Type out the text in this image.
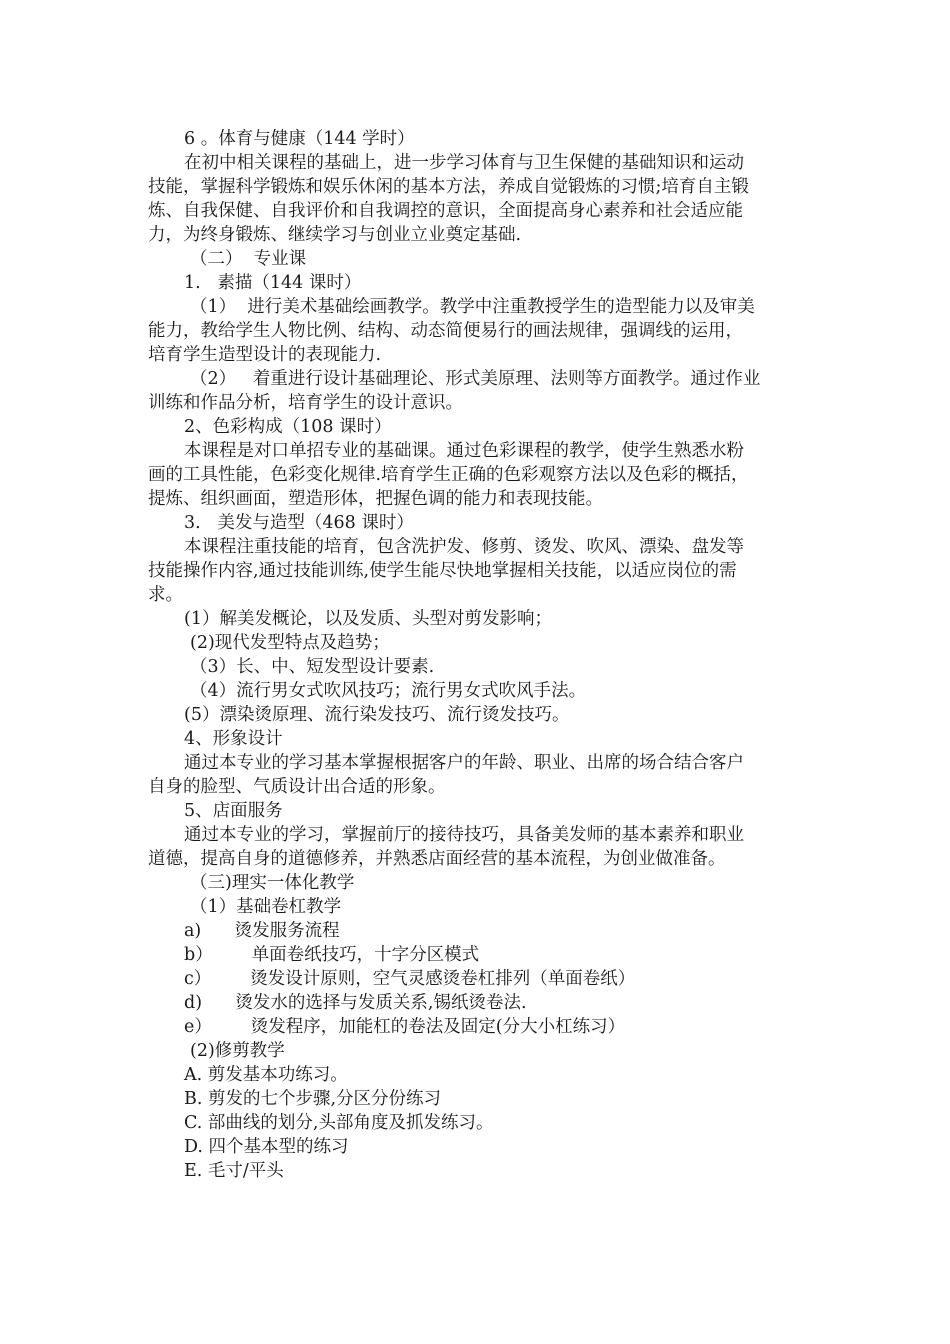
6 。体育与健康（144 学时）
在初中相关课程的基础上，进一步学习体育与卫生保健的基础知识和运动
技能，掌握科学锻炼和娱乐休闲的基本方法，养成自觉锻炼的习惯;培育自主锻
炼、自我保健、自我评价和自我调控的意识，全面提高身心素养和社会适应能
力，为终身锻炼、继续学习与创业立业奠定基础.
（二）  专业课
1.   素描（144 课时）
（1）  进行美术基础绘画教学。教学中注重教授学生的造型能力以及审美
能力，教给学生人物比例、结构、动态简便易行的画法规律，强调线的运用，
培育学生造型设计的表现能力.
（2）   着重进行设计基础理论、形式美原理、法则等方面教学。通过作业
训练和作品分析，培育学生的设计意识。
2、色彩构成（108 课时）
本课程是对口单招专业的基础课。通过色彩课程的教学，使学生熟悉水粉
画的工具性能，色彩变化规律.培育学生正确的色彩观察方法以及色彩的概括，
提炼、组织画面，塑造形体，把握色调的能力和表现技能。
3.   美发与造型（468 课时）
本课程注重技能的培育，包含洗护发、修剪、烫发、吹风、漂染、盘发等
技能操作内容,通过技能训练,使学生能尽快地掌握相关技能，以适应岗位的需
求。
(1）解美发概论，以及发质、头型对剪发影响；
(2)现代发型特点及趋势；
（3）长、中、短发型设计要素.
（4）流行男女式吹风技巧；流行男女式吹风手法。
(5）漂染烫原理、流行染发技巧、流行烫发技巧。
4、形象设计
通过本专业的学习基本掌握根据客户的年龄、职业、出席的场合结合客户
自身的脸型、气质设计出合适的形象。
5、店面服务
通过本专业的学习，掌握前厅的接待技巧，具备美发师的基本素养和职业
道德，提高自身的道德修养，并熟悉店面经营的基本流程，为创业做准备。
（三)理实一体化教学
（1）基础卷杠教学
a)      烫发服务流程
b）       单面卷纸技巧，十字分区模式
c）       烫发设计原则，空气灵感烫卷杠排列（单面卷纸）
d)      烫发水的选择与发质关系,锡纸烫卷法.
e）       烫发程序，加能杠的卷法及固定(分大小杠练习）
(2)修剪教学
A. 剪发基本功练习。
B. 剪发的七个步骤,分区分份练习
C. 部曲线的划分,头部角度及抓发练习。
D. 四个基本型的练习
E. 毛寸/平头
